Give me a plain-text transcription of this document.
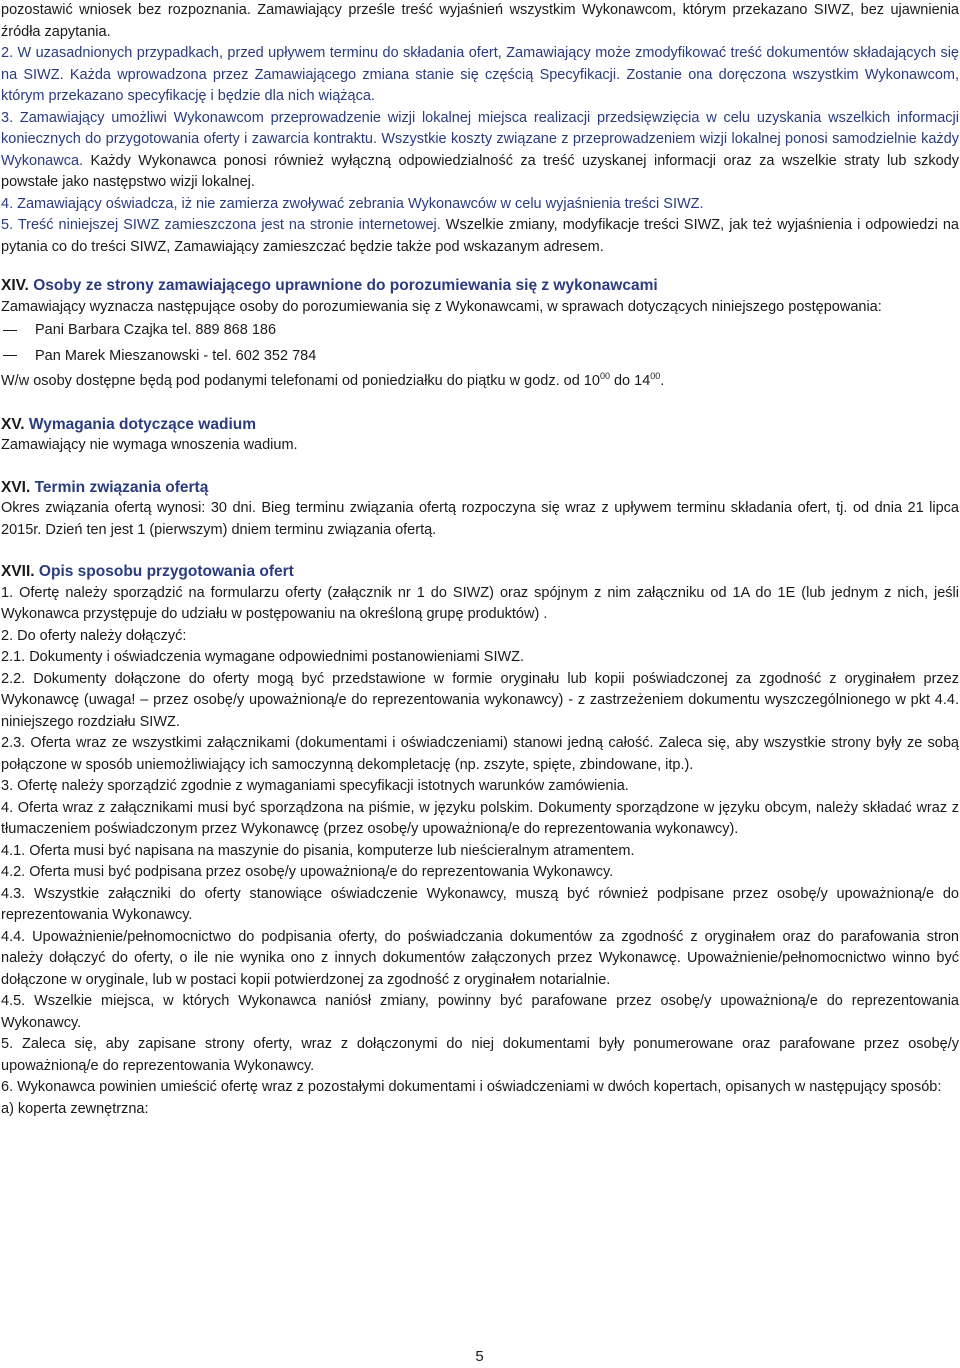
pozostawić wniosek bez rozpoznania. Zamawiający prześle treść wyjaśnień wszystkim Wykonawcom, którym przekazano SIWZ, bez ujawnienia źródła zapytania.

2. W uzasadnionych przypadkach, przed upływem terminu do składania ofert, Zamawiający może zmodyfikować treść dokumentów składających się na SIWZ. Każda wprowadzona przez Zamawiającego zmiana stanie się częścią Specyfikacji. Zostanie ona doręczona wszystkim Wykonawcom, którym przekazano specyfikację i będzie dla nich wiążąca.

3. Zamawiający umożliwi Wykonawcom przeprowadzenie wizji lokalnej miejsca realizacji przedsięwzięcia w celu uzyskania wszelkich informacji koniecznych do przygotowania oferty i zawarcia kontraktu. Wszystkie koszty związane z przeprowadzeniem wizji lokalnej ponosi samodzielnie każdy Wykonawca. Każdy Wykonawca ponosi również wyłączną odpowiedzialność za treść uzyskanej informacji oraz za wszelkie straty lub szkody powstałe jako następstwo wizji lokalnej.

4. Zamawiający oświadcza, iż nie zamierza zwoływać zebrania Wykonawców w celu wyjaśnienia treści SIWZ.

5. Treść niniejszej SIWZ zamieszczona jest na stronie internetowej. Wszelkie zmiany, modyfikacje treści SIWZ, jak też wyjaśnienia i odpowiedzi na pytania co do treści SIWZ, Zamawiający zamieszczać będzie także pod wskazanym adresem.

XIV. Osoby ze strony zamawiającego uprawnione do porozumiewania się z wykonawcami

Zamawiający wyznacza następujące osoby do porozumiewania się z Wykonawcami, w sprawach dotyczących niniejszego postępowania:

Pani Barbara Czajka tel. 889 868 186
Pan Marek Mieszanowski - tel. 602 352 784

W/w osoby dostępne będą pod podanymi telefonami od poniedziałku do piątku w godz. od $10^{00}$ do $14^{00}$.

XV. Wymagania dotyczące wadium

Zamawiający nie wymaga wnoszenia wadium.

XVI. Termin związania ofertą

Okres związania ofertą wynosi: 30 dni. Bieg terminu związania ofertą rozpoczyna się wraz z upływem terminu składania ofert, tj. od dnia 21 lipca 2015r. Dzień ten jest 1 (pierwszym) dniem terminu związania ofertą.

XVII. Opis sposobu przygotowania ofert

1. Ofertę należy sporządzić na formularzu oferty (załącznik nr 1 do SIWZ) oraz spójnym z nim załączniku od 1A do 1E (lub jednym z nich, jeśli Wykonawca przystępuje do udziału w postępowaniu na określoną grupę produktów) .

2. Do oferty należy dołączyć:

2.1. Dokumenty i oświadczenia wymagane odpowiednimi postanowieniami SIWZ.

2.2. Dokumenty dołączone do oferty mogą być przedstawione w formie oryginału lub kopii poświadczonej za zgodność z oryginałem przez Wykonawcę (uwaga! – przez osobę/y upoważnioną/e do reprezentowania wykonawcy) - z zastrzeżeniem dokumentu wyszczególnionego w pkt 4.4. niniejszego rozdziału SIWZ.

2.3. Oferta wraz ze wszystkimi załącznikami (dokumentami i oświadczeniami) stanowi jedną całość. Zaleca się, aby wszystkie strony były ze sobą połączone w sposób uniemożliwiający ich samoczynną dekompletację (np. zszyte, spięte, zbindowane, itp.).

3. Ofertę należy sporządzić zgodnie z wymaganiami specyfikacji istotnych warunków zamówienia.

4. Oferta wraz z załącznikami musi być sporządzona na piśmie, w języku polskim. Dokumenty sporządzone w języku obcym, należy składać wraz z tłumaczeniem poświadczonym przez Wykonawcę (przez osobę/y upoważnioną/e do reprezentowania wykonawcy).

4.1. Oferta musi być napisana na maszynie do pisania, komputerze lub nieścieralnym atramentem.

4.2. Oferta musi być podpisana przez osobę/y upoważnioną/e do reprezentowania Wykonawcy.

4.3. Wszystkie załączniki do oferty stanowiące oświadczenie Wykonawcy, muszą być również podpisane przez osobę/y upoważnioną/e do reprezentowania Wykonawcy.

4.4. Upoważnienie/pełnomocnictwo do podpisania oferty, do poświadczania dokumentów za zgodność z oryginałem oraz do parafowania stron należy dołączyć do oferty, o ile nie wynika ono z innych dokumentów załączonych przez Wykonawcę. Upoważnienie/pełnomocnictwo winno być dołączone w oryginale, lub w postaci kopii potwierdzonej za zgodność z oryginałem notarialnie.

4.5. Wszelkie miejsca, w których Wykonawca naniósł zmiany, powinny być parafowane przez osobę/y upoważnioną/e do reprezentowania Wykonawcy.

5. Zaleca się, aby zapisane strony oferty, wraz z dołączonymi do niej dokumentami były ponumerowane oraz parafowane przez osobę/y upoważnioną/e do reprezentowania Wykonawcy.

6. Wykonawca powinien umieścić ofertę wraz z pozostałymi dokumentami i oświadczeniami w dwóch kopertach, opisanych w następujący sposób:

a) koperta zewnętrzna:

5
